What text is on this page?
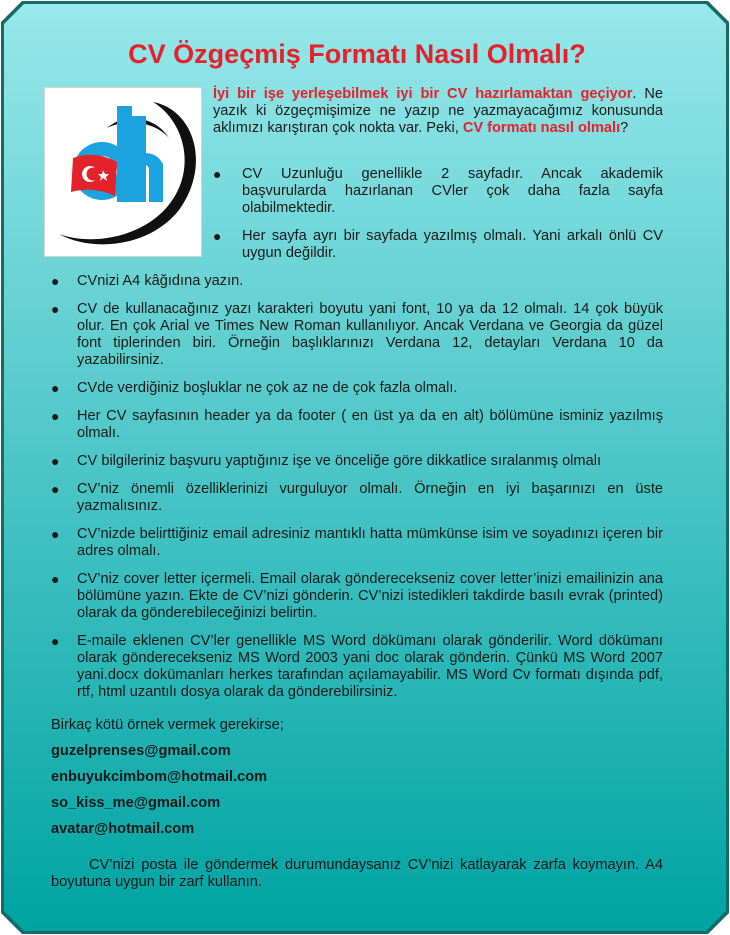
CV Özgeçmiş Formatı Nasıl Olmalı?

İyi bir işe yerleşebilmek iyi bir CV hazırlamaktan geçiyor. Ne yazık ki özgeçmişimize ne yazıp ne yazmayacağımız konusunda aklımızı karıştıran çok nokta var. Peki, CV formatı nasıl olmalı?

● CV Uzunluğu genellikle 2 sayfadır. Ancak akademik başvurularda hazırlanan CVler çok daha fazla sayfa olabilmektedir.
● Her sayfa ayrı bir sayfada yazılmış olmalı. Yani arkalı önlü CV uygun değildir.
● CVnizi A4 kâğıdına yazın.
● CV de kullanacağınız yazı karakteri boyutu yani font, 10 ya da 12 olmalı. 14 çok büyük olur. En çok Arial ve Times New Roman kullanılıyor. Ancak Verdana ve Georgia da güzel font tiplerinden biri. Örneğin başlıklarınızı Verdana 12, detayları Verdana 10 da yazabilirsiniz.
● CVde verdiğiniz boşluklar ne çok az ne de çok fazla olmalı.
● Her CV sayfasının header ya da footer ( en üst ya da en alt) bölümüne isminiz yazılmış olmalı.
● CV bilgileriniz başvuru yaptığınız işe ve önceliğe göre dikkatlice sıralanmış olmalı
● CV’niz önemli özelliklerinizi vurguluyor olmalı. Örneğin en iyi başarınızı en üste yazmalısınız.
● CV’nizde belirttiğiniz email adresiniz mantıklı hatta mümkünse isim ve soyadınızı içeren bir adres olmalı.
● CV’niz cover letter içermeli. Email olarak gönderecekseniz cover letter’inizi emailinizin ana bölümüne yazın. Ekte de CV’nizi gönderin. CV’nizi istedikleri takdirde basılı evrak (printed) olarak da gönderebileceğinizi belirtin.
● E-maile eklenen CV’ler genellikle MS Word dökümanı olarak gönderilir. Word dökümanı olarak gönderecekseniz MS Word 2003 yani doc olarak gönderin. Çünkü MS Word 2007 yani.docx dokümanları herkes tarafından açılamayabilir. MS Word Cv formatı dışında pdf, rtf, html uzantılı dosya olarak da gönderebilirsiniz.

Birkaç kötü örnek vermek gerekirse;

guzelprenses@gmail.com
enbuyukcimbom@hotmail.com
so_kiss_me@gmail.com
avatar@hotmail.com

CV’nizi posta ile göndermek durumundaysanız CV’nizi katlayarak zarfa koymayın. A4 boyutuna uygun bir zarf kullanın.
